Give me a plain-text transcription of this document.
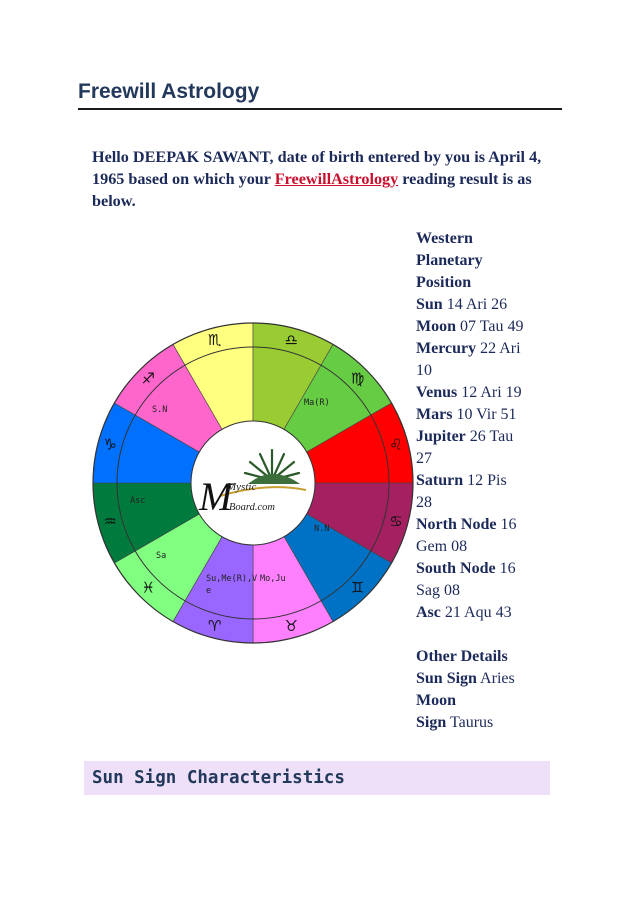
Freewill Astrology
Hello DEEPAK SAWANT, date of birth entered by you is April 4, 1965 based on which your FreewillAstrology reading result is as below.
♏	♎
♍
♌
♋
♊
♉
♈
♓
♒
♑
♐
M
Mystic
Board.com
S.N
Ma(R)
Asc
N.N
Sa
Su,Me(R),V
e
Mo,Ju
Western
Planetary
Position
Sun 14 Ari 26
Moon 07 Tau 49
Mercury 22 Ari
10
Venus 12 Ari 19
Mars 10 Vir 51
Jupiter 26 Tau
27
Saturn 12 Pis
28
North Node 16
Gem 08
South Node 16
Sag 08
Asc 21 Aqu 43
Other Details
Sun Sign Aries
Moon
Sign Taurus
Sun Sign Characteristics
